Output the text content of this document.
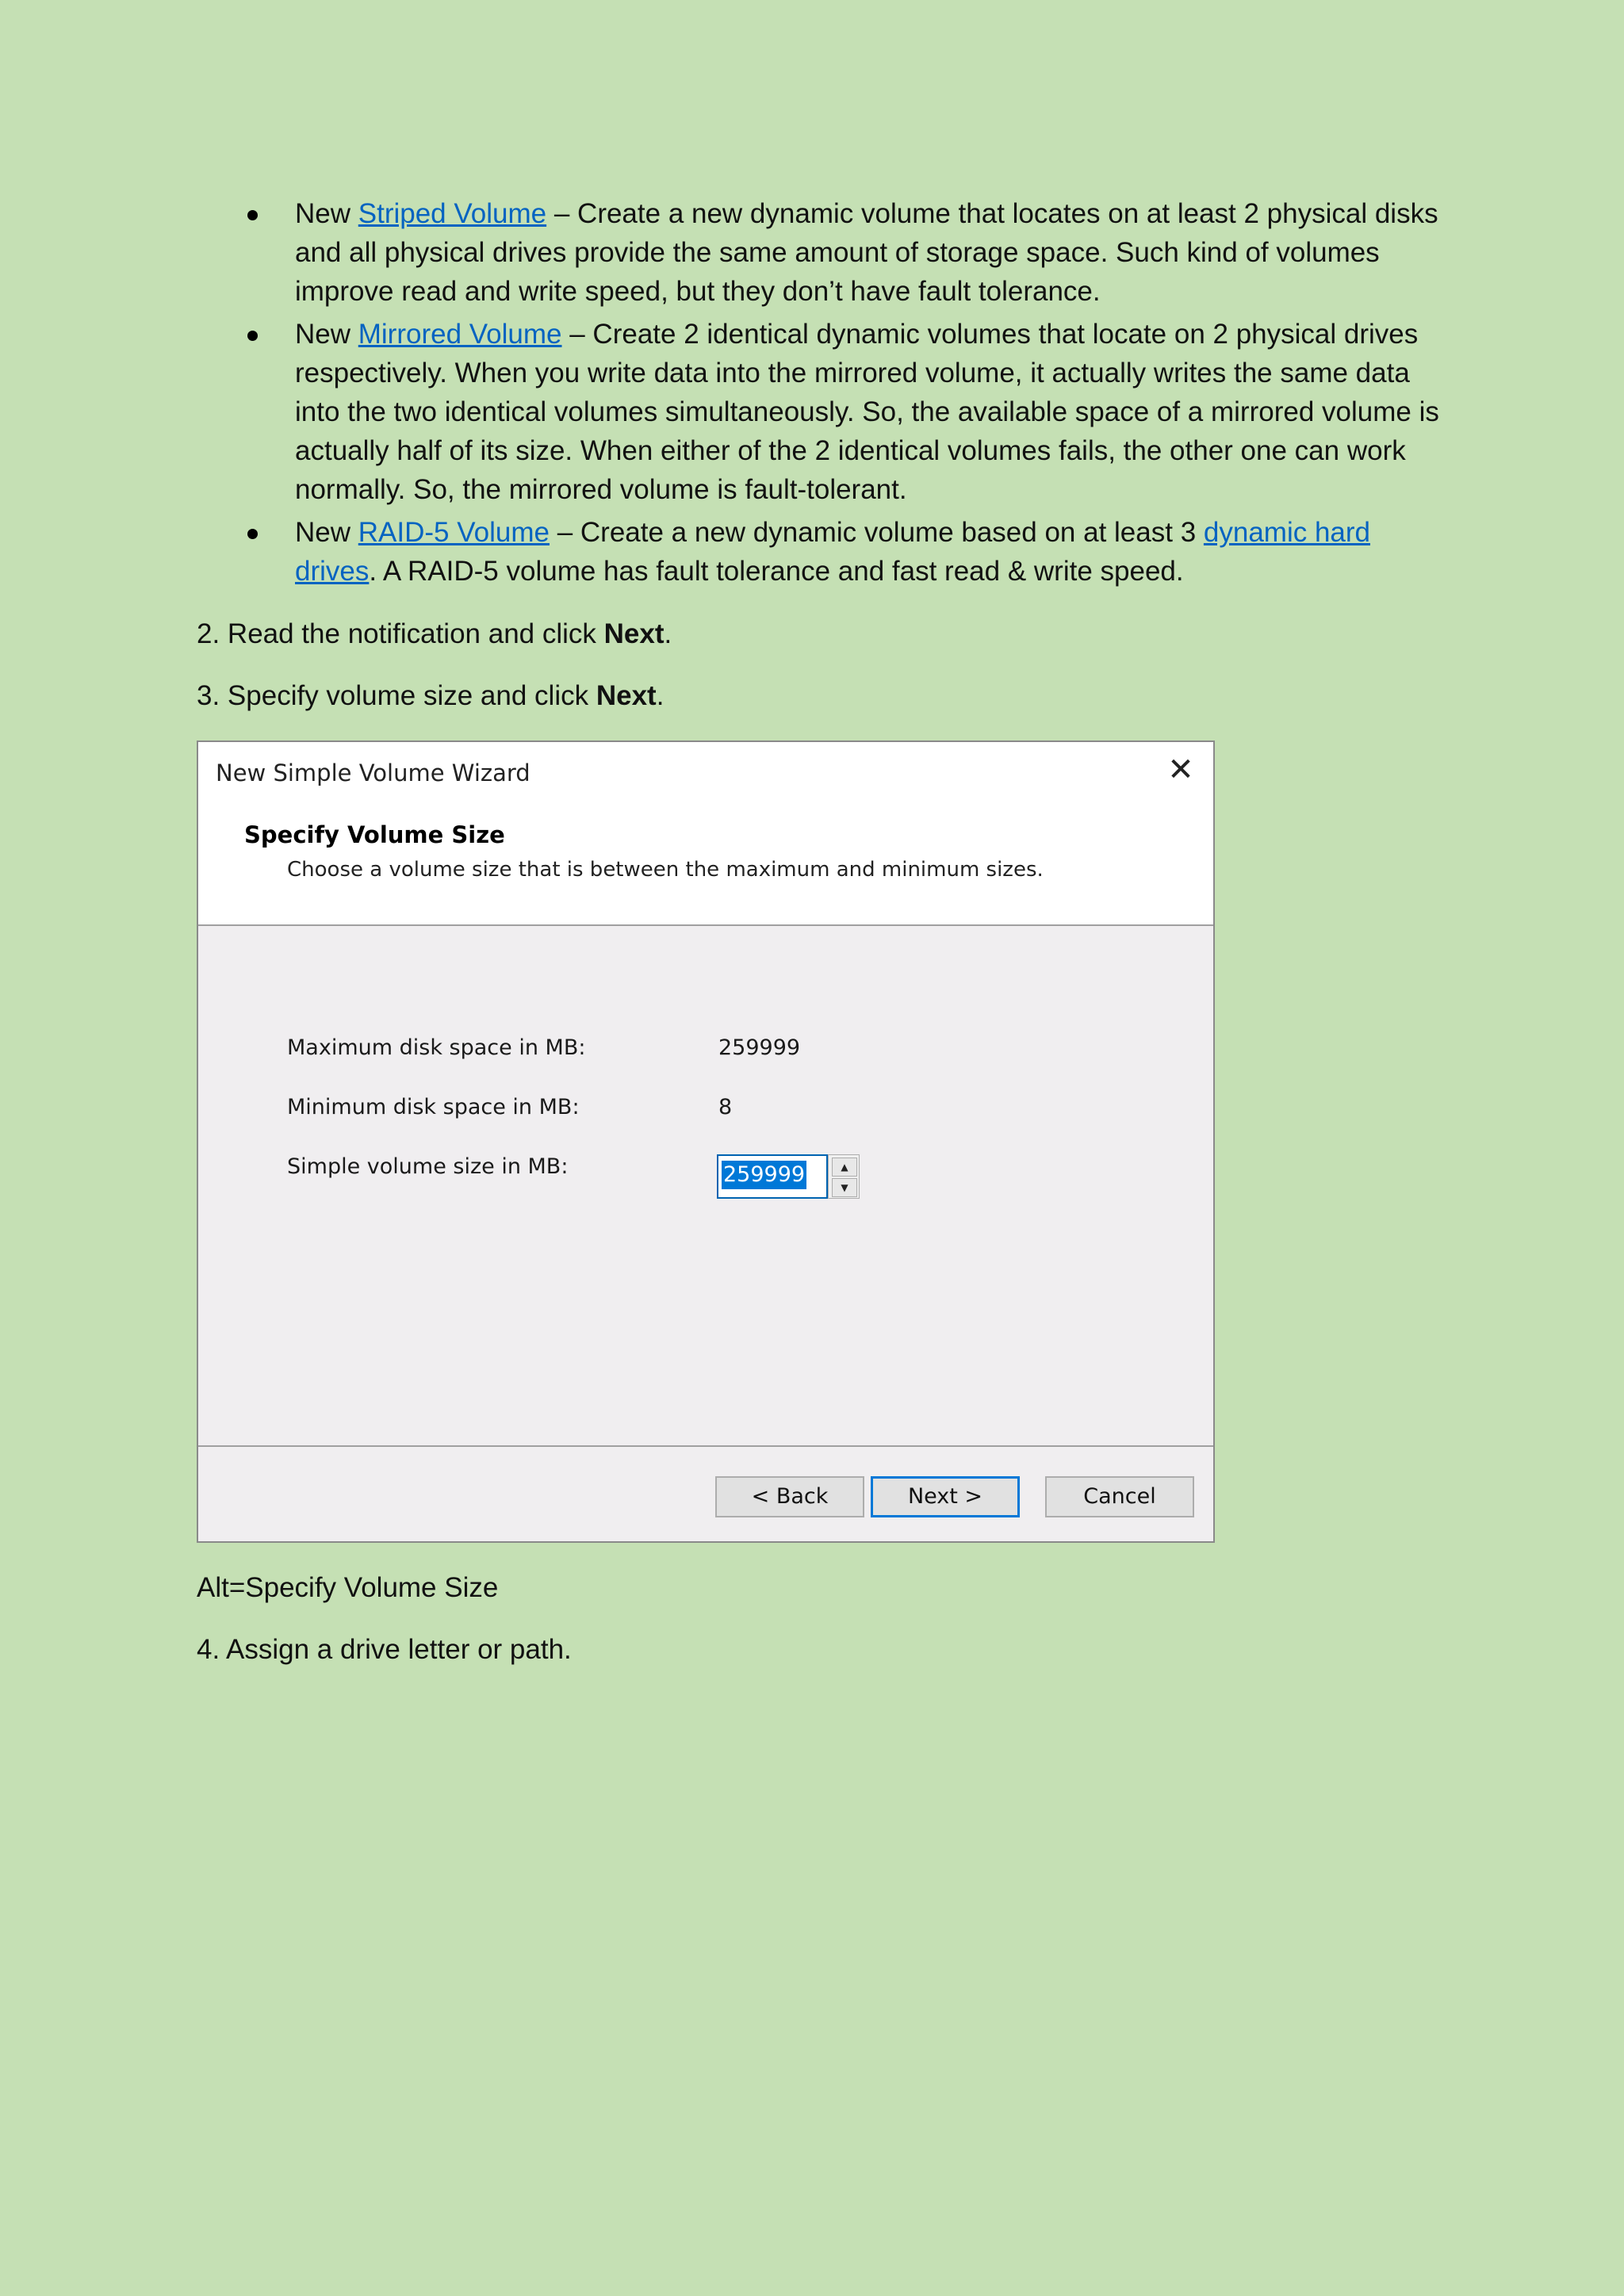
New Striped Volume – Create a new dynamic volume that locates on at least 2 physical disks and all physical drives provide the same amount of storage space. Such kind of volumes improve read and write speed, but they don’t have fault tolerance.
New Mirrored Volume – Create 2 identical dynamic volumes that locate on 2 physical drives respectively. When you write data into the mirrored volume, it actually writes the same data into the two identical volumes simultaneously. So, the available space of a mirrored volume is actually half of its size. When either of the 2 identical volumes fails, the other one can work normally. So, the mirrored volume is fault-tolerant.
New RAID-5 Volume – Create a new dynamic volume based on at least 3 dynamic hard drives. A RAID-5 volume has fault tolerance and fast read & write speed.
2. Read the notification and click Next.
3. Specify volume size and click Next.
New Simple Volume Wizard	✕
Specify Volume Size
Choose a volume size that is between the maximum and minimum sizes.
Maximum disk space in MB:	259999
Minimum disk space in MB:	8
Simple volume size in MB:	259999	▲
▼
< Back	Next >	Cancel
Alt=Specify Volume Size
4. Assign a drive letter or path.
